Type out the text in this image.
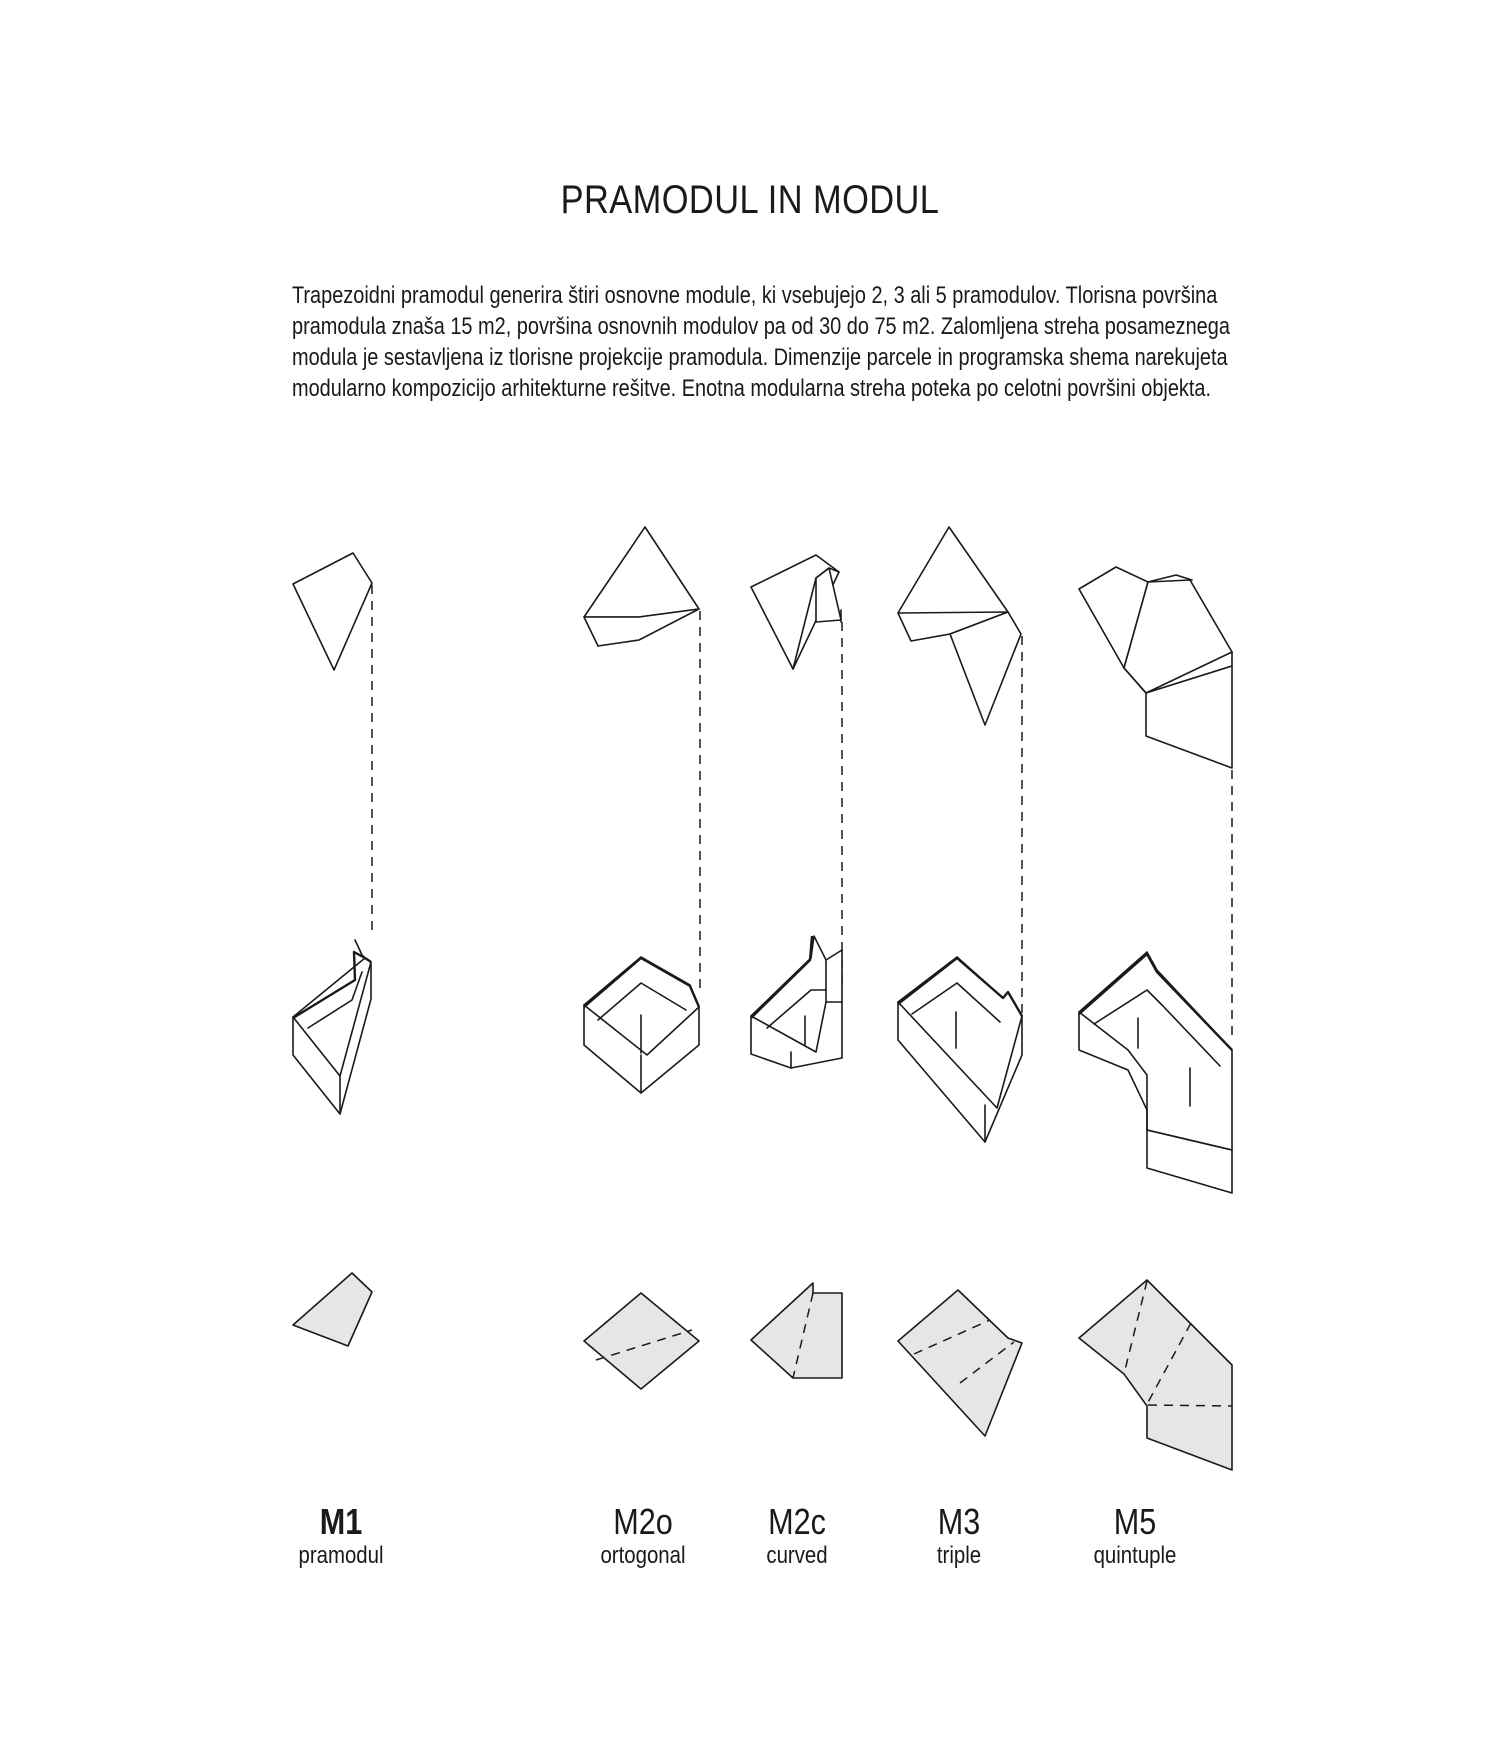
PRAMODUL IN MODUL
Trapezoidni pramodul generira štiri osnovne module, ki vsebujejo 2, 3 ali 5 pramodulov. Tlorisna površina
pramodula znaša 15 m2, površina osnovnih modulov pa od 30 do 75 m2. Zalomljena streha posameznega
modula je sestavljena iz tlorisne projekcije pramodula. Dimenzije parcele in programska shema narekujeta
modularno kompozicijo arhitekturne rešitve. Enotna modularna streha poteka po celotni površini objekta.
M1
pramodul
M2o
ortogonal
M2c
curved
M3
triple
M5
quintuple
